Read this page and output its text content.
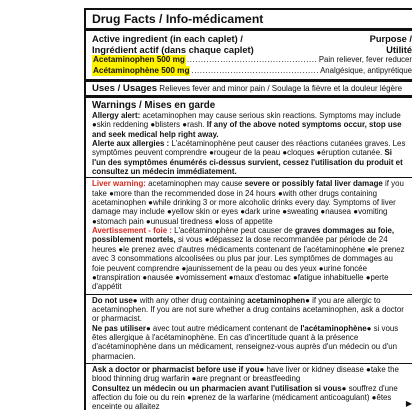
Drug Facts / Info-médicament
Active ingredient (in each caplet) /	Purpose /
Ingrédient actif (dans chaque caplet)	Utilité
Acetaminophen 500 mg .....	Pain reliever, fever reducer
Acétaminophène 500 mg .....	Analgésique, antipyrétique
Uses / Usages Relieves fever and minor pain / Soulage la fièvre et la douleur légère
Warnings / Mises en garde

Allergy alert: acetaminophen may cause serious skin reactions. Symptoms may include ●skin reddening ●blisters ●rash. If any of the above noted symptoms occur, stop use and seek medical help right away.

Alerte aux allergies : L'acétaminophène peut causer des réactions cutanées graves. Les symptômes peuvent comprendre ●rougeur de la peau ●cloques ●éruption cutanée. Si l'un des symptômes énumérés ci-dessus survient, cessez l'utilisation du produit et consultez un médecin immédiatement.

Liver warning: acetaminophen may cause severe or possibly fatal liver damage if you take ●more than the recommended dose in 24 hours ●with other drugs containing acetaminophen ●while drinking 3 or more alcoholic drinks every day. Symptoms of liver damage may include ●yellow skin or eyes ●dark urine ●sweating ●nausea ●vomiting ●stomach pain ●unusual tiredness ●loss of appetite

Avertissement - foie : L'acétaminophène peut causer de graves dommages au foie, possiblement mortels, si vous ●dépassez la dose recommandée par période de 24 heures ●le prenez avec d'autres médicaments contenant de l'acétaminophène ●le prenez avec 3 consommations alcoolisées ou plus par jour. Les symptômes de dommages au foie peuvent comprendre ●jaunissement de la peau ou des yeux ●urine foncée ●transpiration ●nausée ●vomissement ●maux d'estomac ●fatigue inhabituelle ●perte d'appétit

Do not use● with any other drug containing acetaminophen● if you are allergic to acetaminophen. If you are not sure whether a drug contains acetaminophen, ask a doctor or pharmacist.

Ne pas utiliser● avec tout autre médicament contenant de l'acétaminophène● si vous êtes allergique à l'acétaminophène. En cas d'incertitude quant à la présence d'acétaminophène dans un médicament, renseignez-vous auprès d'un médecin ou d'un pharmacien.

Ask a doctor or pharmacist before use if you● have liver or kidney disease ●take the blood thinning drug warfarin ●are pregnant or breastfeeding

Consultez un médecin ou un pharmacien avant l'utilisation si vous● souffrez d'une affection du foie ou du rein ●prenez de la warfarine (médicament anticoagulant) ●êtes enceinte ou allaitez	▶
